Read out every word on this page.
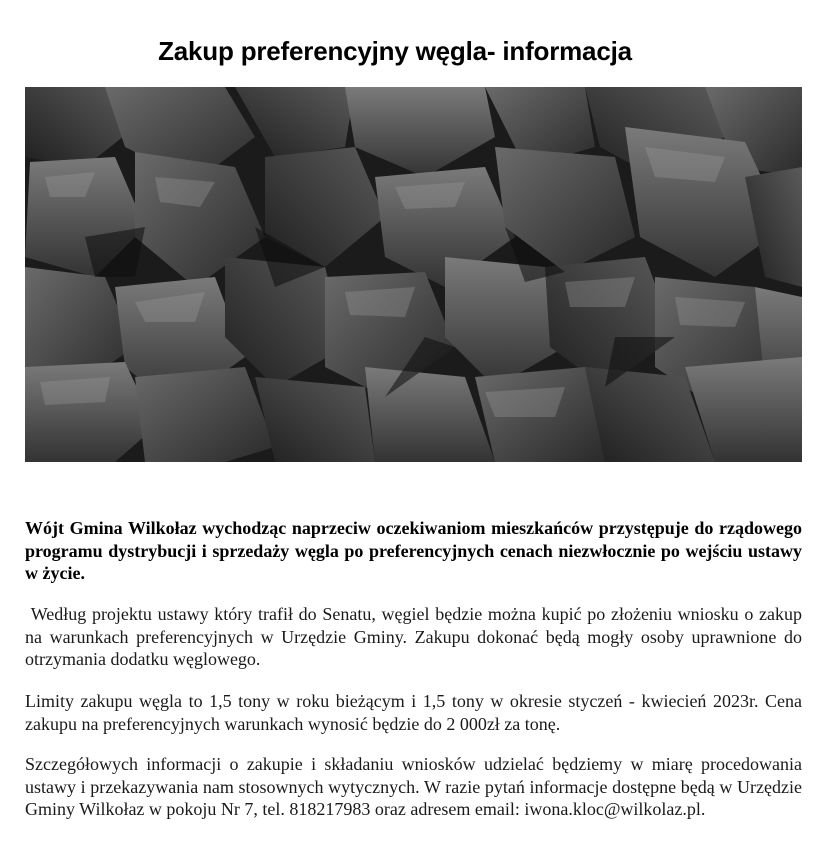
Zakup preferencyjny węgla- informacja

Wójt Gmina Wilkołaz wychodząc naprzeciw oczekiwaniom mieszkańców przystępuje do rządowego programu dystrybucji i sprzedaży węgla po preferencyjnych cenach niezwłocznie po wejściu ustawy w życie.

Według projektu ustawy który trafił do Senatu, węgiel będzie można kupić po złożeniu wniosku o zakup na warunkach preferencyjnych w Urzędzie Gminy. Zakupu dokonać będą mogły osoby uprawnione do otrzymania dodatku węglowego.

Limity zakupu węgla to 1,5 tony w roku bieżącym i 1,5 tony w okresie styczeń - kwiecień 2023r. Cena zakupu na preferencyjnych warunkach wynosić będzie do 2 000zł za tonę.

Szczegółowych informacji o zakupie i składaniu wniosków udzielać będziemy w miarę procedowania ustawy i przekazywania nam stosownych wytycznych. W razie pytań informacje dostępne będą w Urzędzie Gminy Wilkołaz w pokoju Nr 7, tel. 818217983 oraz adresem email: iwona.kloc@wilkolaz.pl.
